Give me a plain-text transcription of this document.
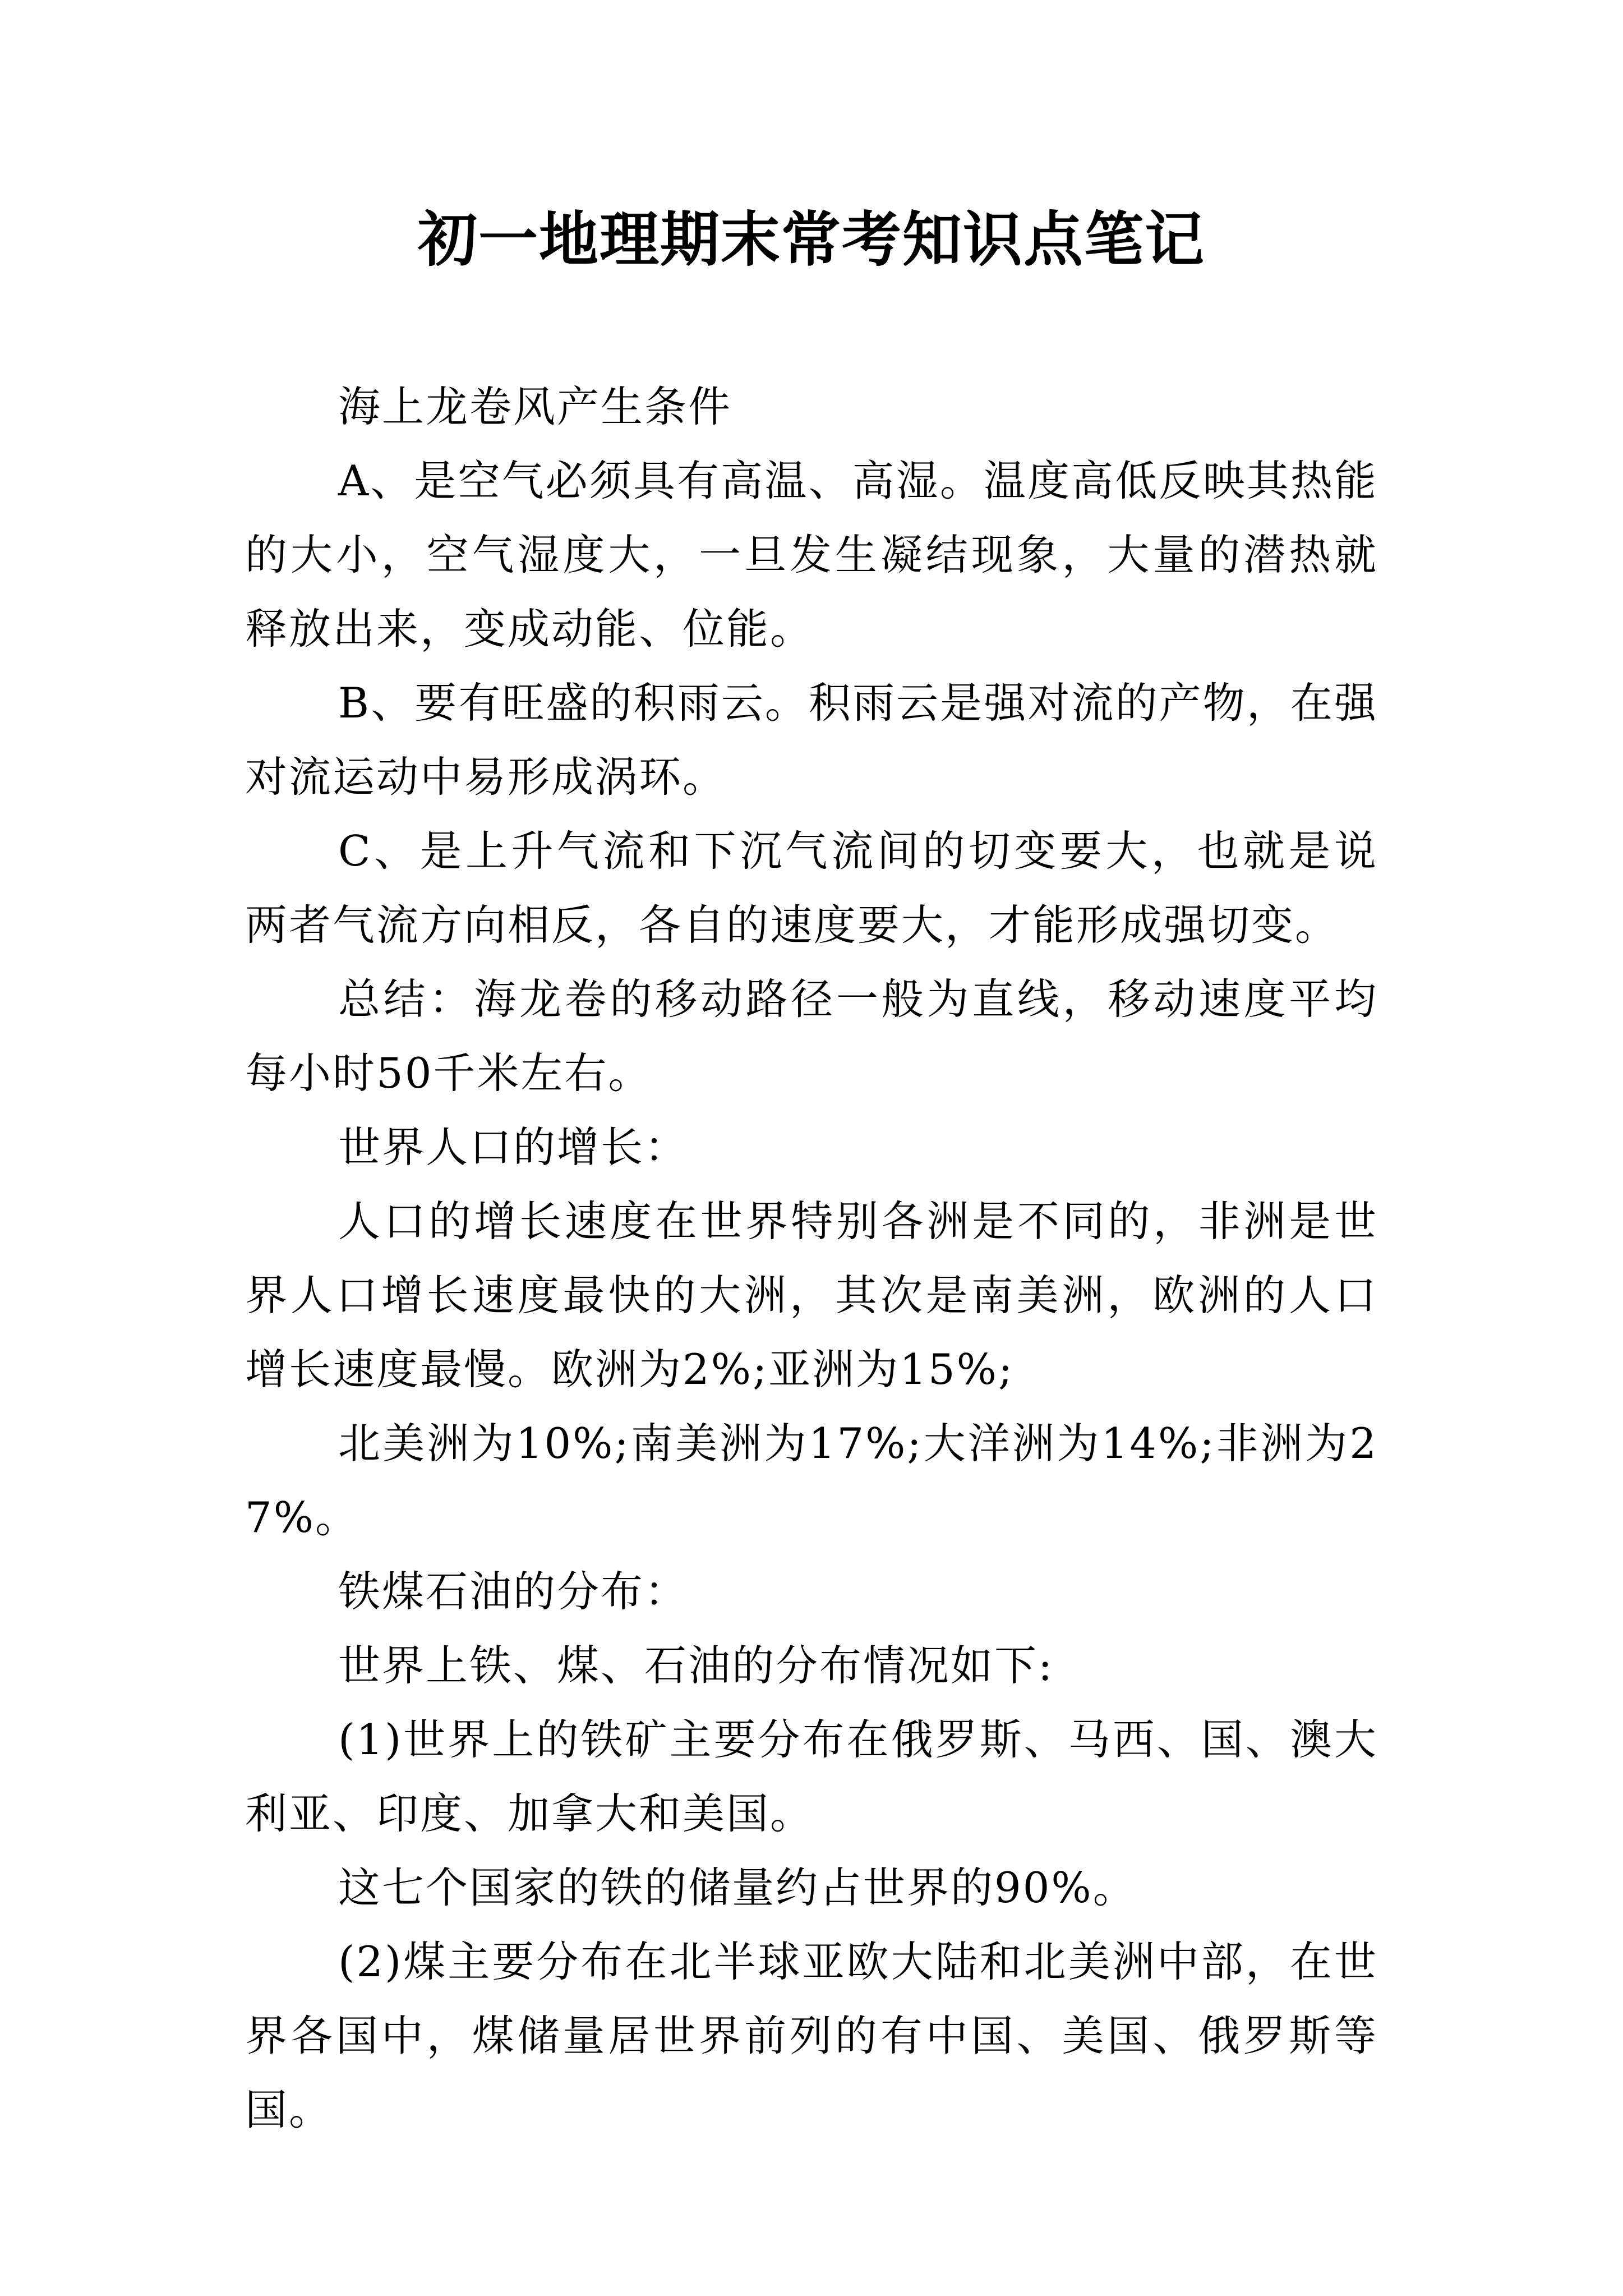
初一地理期末常考知识点笔记

海上龙卷风产生条件

A、是空气必须具有高温、高湿。温度高低反映其热能的大小，空气湿度大，一旦发生凝结现象，大量的潜热就释放出来，变成动能、位能。

B、要有旺盛的积雨云。积雨云是强对流的产物，在强对流运动中易形成涡环。

C、是上升气流和下沉气流间的切变要大，也就是说两者气流方向相反，各自的速度要大，才能形成强切变。

总结：海龙卷的移动路径一般为直线，移动速度平均每小时50千米左右。

世界人口的增长：

人口的增长速度在世界特别各洲是不同的，非洲是世界人口增长速度最快的大洲，其次是南美洲，欧洲的人口增长速度最慢。欧洲为2%;亚洲为15%;

北美洲为10%;南美洲为17%;大洋洲为14%;非洲为27%。

铁煤石油的分布：

世界上铁、煤、石油的分布情况如下:

(1)世界上的铁矿主要分布在俄罗斯、马西、国、澳大利亚、印度、加拿大和美国。

这七个国家的铁的储量约占世界的90%。

(2)煤主要分布在北半球亚欧大陆和北美洲中部，在世界各国中，煤储量居世界前列的有中国、美国、俄罗斯等国。
